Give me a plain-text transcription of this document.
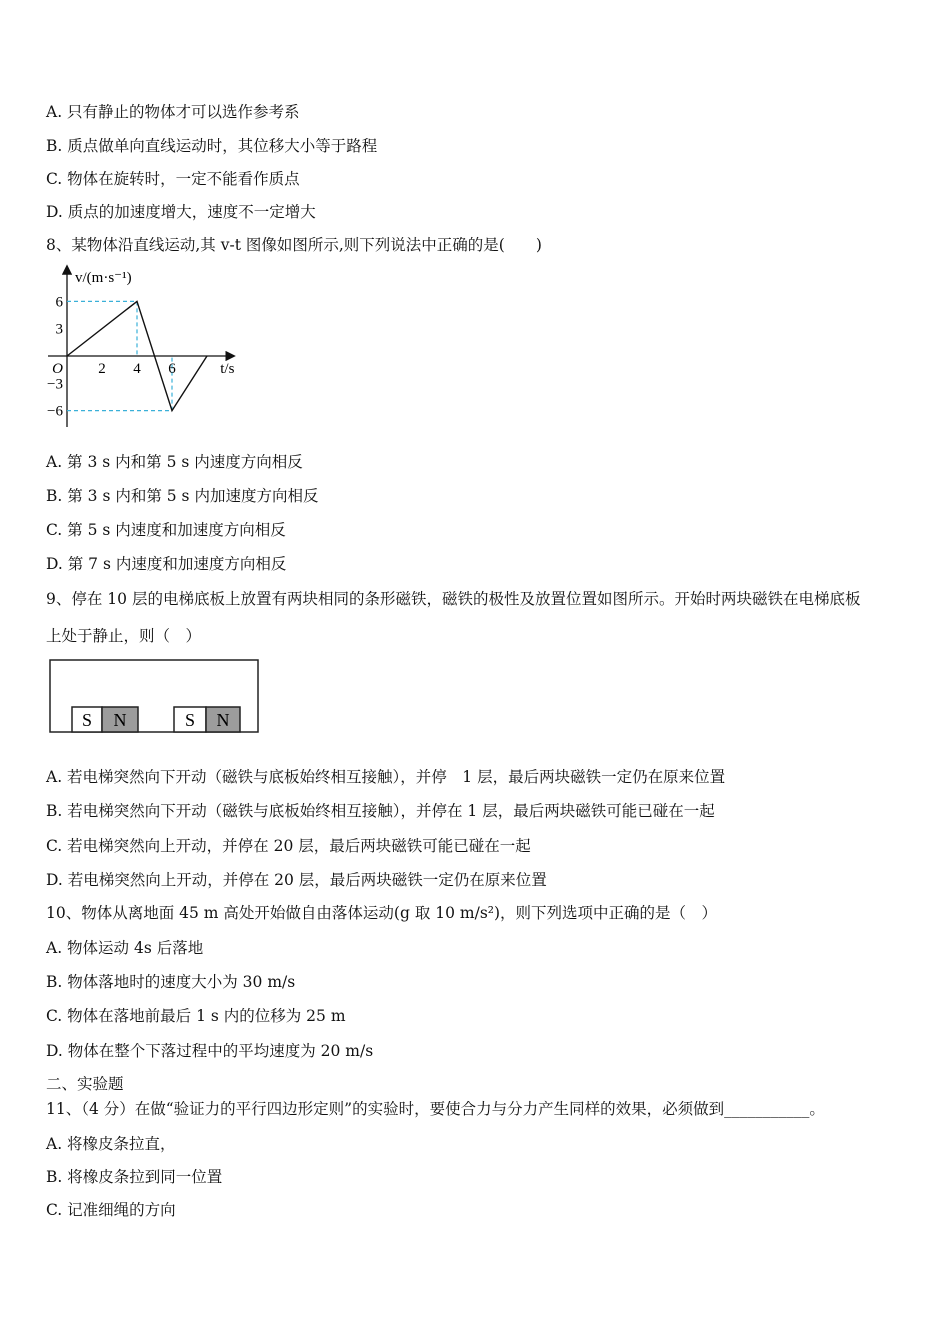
A. 只有静止的物体才可以选作参考系
B. 质点做单向直线运动时，其位移大小等于路程
C. 物体在旋转时，一定不能看作质点
D. 质点的加速度增大，速度不一定增大
8、某物体沿直线运动,其 v-t 图像如图所示,则下列说法中正确的是(　　)
2 4 6
6
3
−3
−6
O
v/(m·s⁻¹)
t/s
A. 第 3 s 内和第 5 s 内速度方向相反
B. 第 3 s 内和第 5 s 内加速度方向相反
C. 第 5 s 内速度和加速度方向相反
D. 第 7 s 内速度和加速度方向相反
9、停在 10 层的电梯底板上放置有两块相同的条形磁铁，磁铁的极性及放置位置如图所示。开始时两块磁铁在电梯底板
上处于静止，则（　）
S N	S N
A. 若电梯突然向下开动（磁铁与底板始终相互接触），并停　1 层，最后两块磁铁一定仍在原来位置
B. 若电梯突然向下开动（磁铁与底板始终相互接触），并停在 1 层，最后两块磁铁可能已碰在一起
C. 若电梯突然向上开动，并停在 20 层，最后两块磁铁可能已碰在一起
D. 若电梯突然向上开动，并停在 20 层，最后两块磁铁一定仍在原来位置
10、物体从离地面 45 m 高处开始做自由落体运动(g 取 10 m/s²)，则下列选项中正确的是（　）
A. 物体运动 4s 后落地
B. 物体落地时的速度大小为 30 m/s
C. 物体在落地前最后 1 s 内的位移为 25 m
D. 物体在整个下落过程中的平均速度为 20 m/s
二、实验题
11、（4 分）在做“验证力的平行四边形定则”的实验时，要使合力与分力产生同样的效果，必须做到___________。
A. 将橡皮条拉直，
B. 将橡皮条拉到同一位置
C. 记准细绳的方向
